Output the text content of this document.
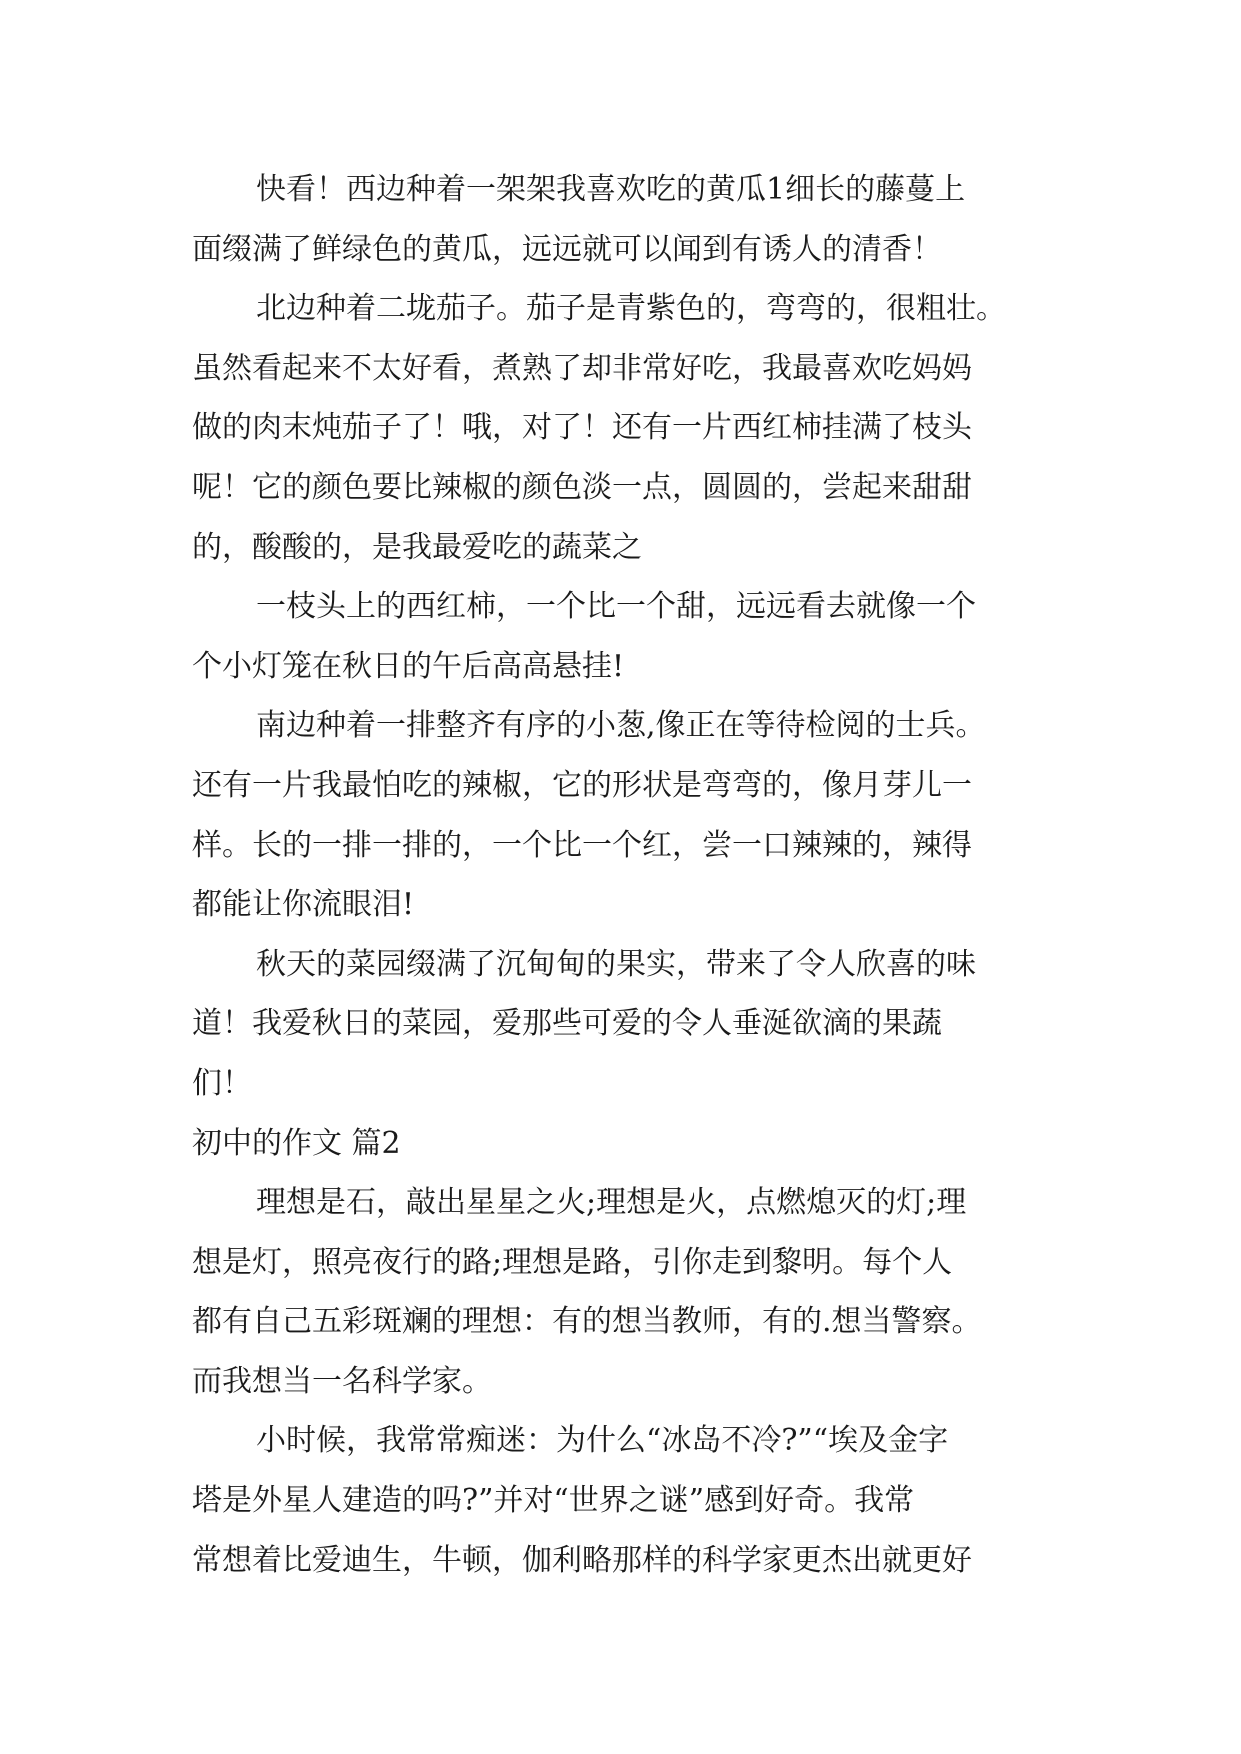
快看！西边种着一架架我喜欢吃的黄瓜1细长的藤蔓上
面缀满了鲜绿色的黄瓜，远远就可以闻到有诱人的清香！
北边种着二垅茄子。茄子是青紫色的，弯弯的，很粗壮。
虽然看起来不太好看，煮熟了却非常好吃，我最喜欢吃妈妈
做的肉末炖茄子了！哦，对了！还有一片西红柿挂满了枝头
呢！它的颜色要比辣椒的颜色淡一点，圆圆的，尝起来甜甜
的，酸酸的，是我最爱吃的蔬菜之
一枝头上的西红柿，一个比一个甜，远远看去就像一个
个小灯笼在秋日的午后高高悬挂!
南边种着一排整齐有序的小葱,像正在等待检阅的士兵。
还有一片我最怕吃的辣椒，它的形状是弯弯的，像月芽儿一
样。长的一排一排的，一个比一个红，尝一口辣辣的，辣得
都能让你流眼泪!
秋天的菜园缀满了沉甸甸的果实，带来了令人欣喜的味
道！我爱秋日的菜园，爱那些可爱的令人垂涎欲滴的果蔬
们！
初中的作文 篇2
理想是石，敲出星星之火;理想是火，点燃熄灭的灯;理
想是灯，照亮夜行的路;理想是路，引你走到黎明。每个人
都有自己五彩斑斓的理想：有的想当教师，有的.想当警察。
而我想当一名科学家。
小时候，我常常痴迷：为什么“冰岛不冷?”“埃及金字
塔是外星人建造的吗?”并对“世界之谜”感到好奇。我常
常想着比爱迪生，牛顿，伽利略那样的科学家更杰出就更好
